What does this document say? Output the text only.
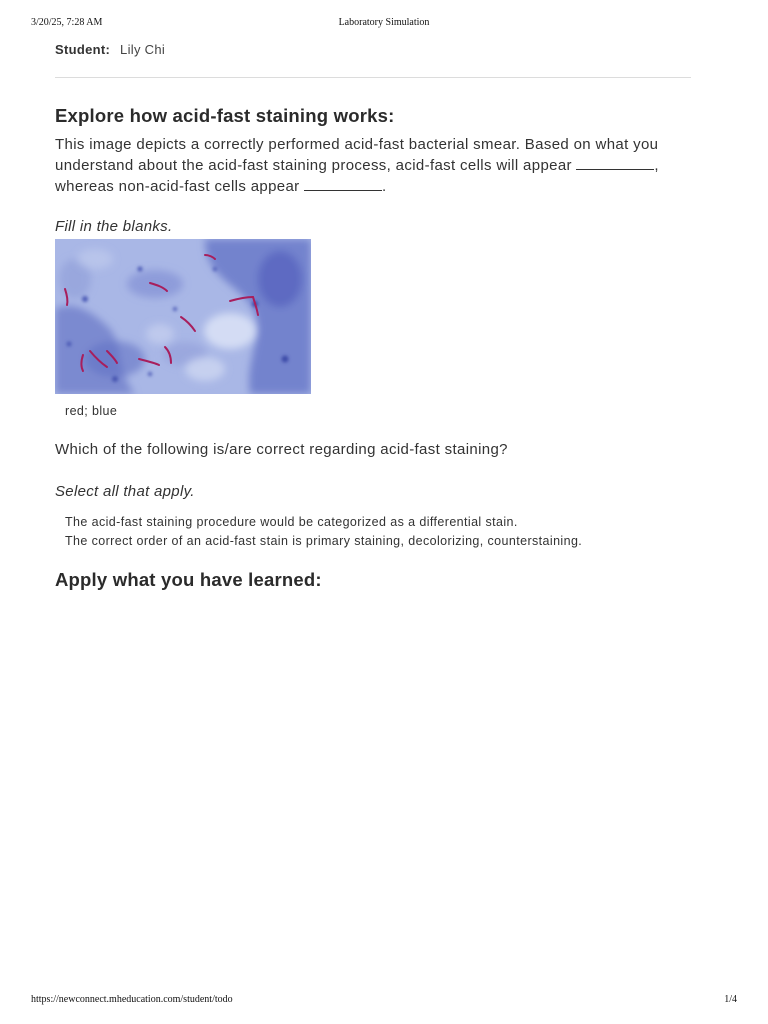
3/20/25, 7:28 AM	Laboratory Simulation
Student: Lily Chi
Explore how acid-fast staining works:
This image depicts a correctly performed acid-fast bacterial smear. Based on what you understand about the acid-fast staining process, acid-fast cells will appear	, whereas non-acid-fast cells appear	.
Fill in the blanks.
red; blue
Which of the following is/are correct regarding acid-fast staining?
Select all that apply.
The acid-fast staining procedure would be categorized as a differential stain.
The correct order of an acid-fast stain is primary staining, decolorizing, counterstaining.
Apply what you have learned:
https://newconnect.mheducation.com/student/todo	1/4
